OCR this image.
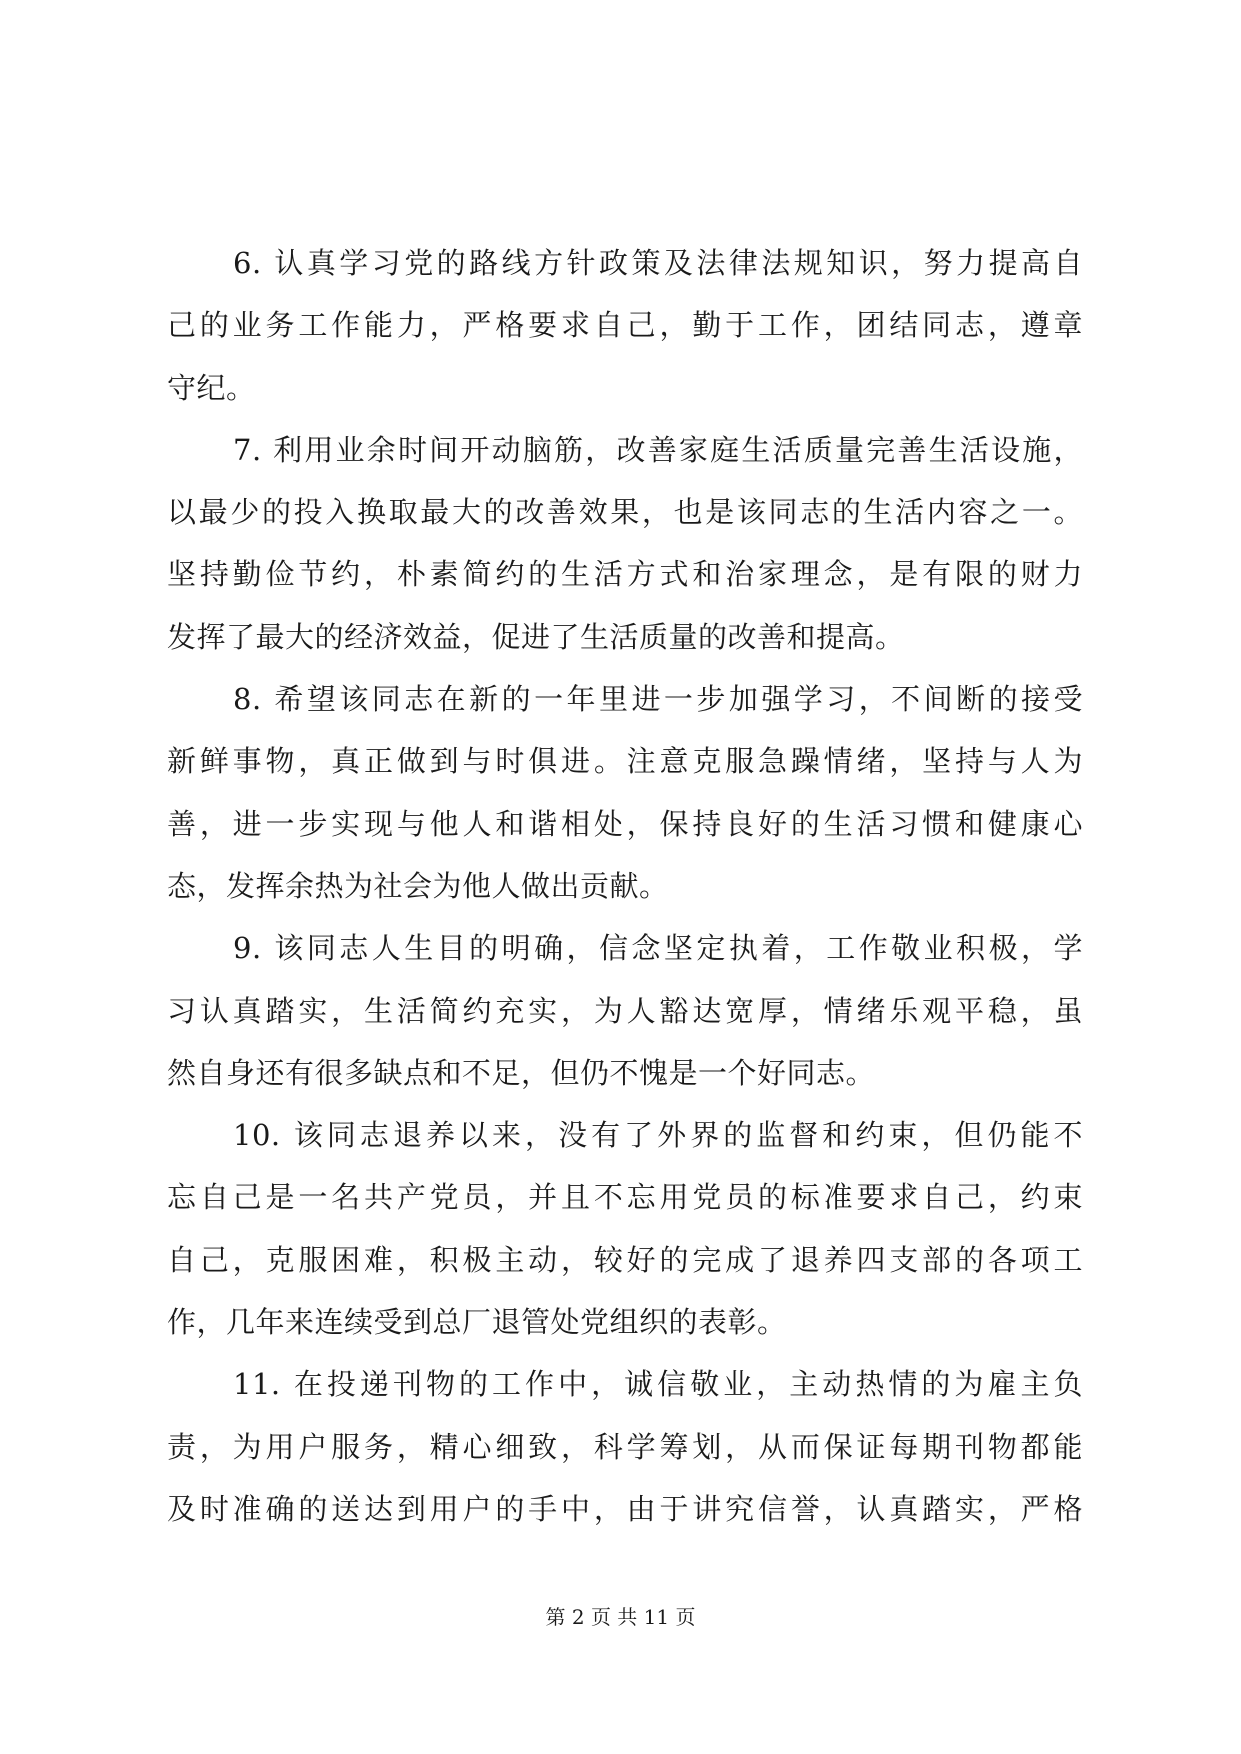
6. 认真学习党的路线方针政策及法律法规知识，努力提高自
己的业务工作能力，严格要求自己，勤于工作，团结同志，遵章
守纪。
7. 利用业余时间开动脑筋，改善家庭生活质量完善生活设施，
以最少的投入换取最大的改善效果，也是该同志的生活内容之一。
坚持勤俭节约，朴素简约的生活方式和治家理念，是有限的财力
发挥了最大的经济效益，促进了生活质量的改善和提高。
8. 希望该同志在新的一年里进一步加强学习，不间断的接受
新鲜事物，真正做到与时俱进。注意克服急躁情绪，坚持与人为
善，进一步实现与他人和谐相处，保持良好的生活习惯和健康心
态，发挥余热为社会为他人做出贡献。
9. 该同志人生目的明确，信念坚定执着，工作敬业积极，学
习认真踏实，生活简约充实，为人豁达宽厚，情绪乐观平稳，虽
然自身还有很多缺点和不足，但仍不愧是一个好同志。
10. 该同志退养以来，没有了外界的监督和约束，但仍能不
忘自己是一名共产党员，并且不忘用党员的标准要求自己，约束
自己，克服困难，积极主动，较好的完成了退养四支部的各项工
作，几年来连续受到总厂退管处党组织的表彰。
11. 在投递刊物的工作中，诚信敬业，主动热情的为雇主负
责，为用户服务，精心细致，科学筹划，从而保证每期刊物都能
及时准确的送达到用户的手中，由于讲究信誉，认真踏实，严格
第 2 页 共 11 页
